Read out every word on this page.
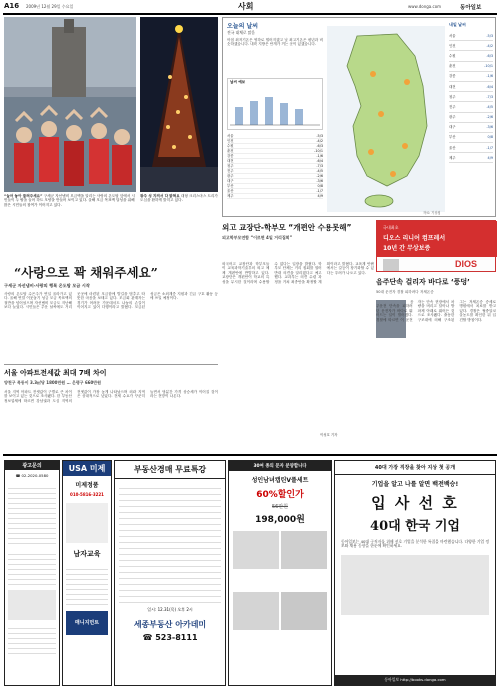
A16 2009년 12월 29일 수요일	사회	www.donga.com	동아일보
“늘어 놓아 들려주세요” 구세군 자선냄비 모금액을 알리는 사랑의 온도탑 앞에서 시민들이 두 팔을 들어 하트 모양을 만들어 보이고 있다. 올해 모금 목표액 달성을 위해 많은 시민들의 참여가 이어지고 있다.
광주 성 지켜서 다 밝혀요 대형 크리스마스 트리가 도심을 환하게 밝히고 있다.
오늘의 날씨
전국 대체로 맑음
아침 최저기온은 영하로 떨어지겠고 낮 최고기온은 평년과 비슷하겠습니다. 내륙 지방은 안개가 끼는 곳이 있겠습니다.
날씨 예보
서울	-5/3
인천	-4/2
수원	-6/3
춘천	-10/1
강릉	-1/6
대전	-6/4
청주	-7/3
전주	-4/5
광주	-2/6
대구	-3/6
부산	0/8
울산	-1/7
제주	4/9
내일 날씨
서울	-5/3
인천	-4/2
수원	-6/3
춘천	-10/1
강릉	-1/6
대전	-6/4
청주	-7/3
전주	-4/5
광주	-2/6
대구	-3/6
부산	0/8
울산	-1/7
제주	4/9
자료: 기상청
국내최초
디오스 리니어 컴프레서
10년 간 무상보증
DIOS
“사랑으로 꽉 채워주세요”
구세군 자선냄비-사랑의 행복 온도탑 모금 시작
사랑의 온도탑 수은주가 연일 올라가고 있다. 올해 연말 이웃돕기 성금 모금 목표액의 절반을 넘어섰으며 자선냄비 모금도 지난해보다 늘었다. 시민들은 추운 날씨에도 거리 곳곳에 마련된 모금함에 발길을 멈추고 따뜻한 마음을 보태고 있다. 모금회 관계자는 경기가 어려운 가운데서도 나눔의 손길이 이어지고 있어 다행이라고 밝혔다. 모금된 성금은 소외계층 지원과 긴급 구호 활동 등에 쓰일 예정이다.
서울 아파트전세값 최대 7배 차이
양천구 목동이 3.3㎡당 1800만원 … 은평구 660만원
서울 지역 아파트 전셋값이 구별로 큰 차이를 보이고 있는 것으로 조사됐다. 한 부동산 정보업체에 따르면 강남권과 도심 지역의 전셋값이 가장 높게 나타났으며 외곽 지역은 상대적으로 낮았다. 전세 수요가 꾸준히 늘면서 당분간 가격 상승세가 이어질 것이라는 전망이 나온다.
외고 교장단-학부모 “개편안 수용못해”
외고학부모연합 “이르면 4일 거리집회”
외국어고 교장단과 학부모들이 교육과학기술부의 외고 체제 개편안에 반발하고 있다. 교장단은 개편안이 학교의 특성을 무시한 것이라며 수용할 수 없다는 입장을 밝혔다. 학부모 단체는 거리 집회를 열어 반대 의견을 알리겠다고 예고했다. 교과부는 의견 수렴 과정을 거쳐 최종안을 확정할 계획이라고 밝혔다. 교육계 안팎에서는 갈등이 장기화할 수 있다는 우려가 나오고 있다.
이성호 기자
음주단속 걸리자 바다로 ‘풍덩’
50대 운전자 경찰 피하려다 저체온증
음주운전 단속을 피하려던 운전자가 바다로 뛰어드는 일이 벌어졌다. 경찰에 따르면 이 운전자는 단속 현장에서 차량을 버리고 달아나 방파제 아래로 뛰어든 것으로 조사됐다. 출동한 구조대에 의해 구조된 그는 저체온증 증세로 병원에서 치료를 받고 있다. 경찰은 혈중알코올농도를 확인한 뒤 입건할 방침이다.
광고문의
☎ 02-2020-0580
USA 미제
미제정품
010-5816-3221
남자교육
매니지먼트
부동산경매 무료특강
일시: 12.31(목) 오후 2시
세종부동산 아카데미
☎ 523-8111
30여 종의 문자 분양합니다
성인남녀캡틴V풀세트
60%할인가
56만원
198,000원
40대 가장 직장을 찾아 지상 첫 공개
기업을 알고 나를 알면 백전백승!
입 사 선 호
40대 한국 기업
동아일보는 40대 구직자를 위해 선호 기업을 분석한 특집을 마련했습니다. 다양한 기업 정보와 채용 동향을 한눈에 확인하세요.
동아일보 http://books.donga.com
